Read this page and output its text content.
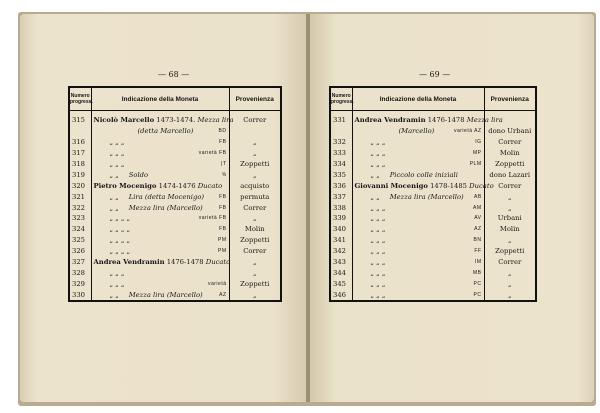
— 68 —	— 69 —
Numero progress.	Indicazione della Moneta	Provenienza
315	Nicolò Marcello 1473-1474. Mezza lira	Correr

	(detta Marcello) BD	

316	„ „ „ FB	„
317	„ „ „ varietà FB	„
318	„ „ „ |T	Zoppetti
319	„ „ Soldo ⅝	„
320	Pietro Mocenigo 1474-1476 Ducato	acquisto
321	„ „ Lira (detta Mocenigo) FB	permuta
322	„ „ Mezza lira (Marcello) FB	Correr
323	„ „ „ „ varietà FB	„
324	„ „ „ „ FB	Molin
325	„ „ „ „ PM	Zoppetti
326	„ „ „ „ PM	Correr
327	Andrea Vendramin 1476-1478 Ducato	„
328	„ „ „	„
329	„ „ „ varietà	Zoppetti
330	„ „ Mezza lira (Marcello) AZ	„
Numero progress.	Indicazione della Moneta	Provenienza
331	Andrea Vendramin 1476-1478 Mezza lira	

	(Marcello) varietà AZ	dono Urbani
332	„ „ „ IG	Correr
333	„ „ „ MP	Molin
334	„ „ „ PLM	Zoppetti
335	„ „ Piccolo colle iniziali	dono Lazari
336	Giovanni Mocenigo 1478-1485 Ducato	Correr
337	„ „ Mezza lira (Marcello) AB	„
338	„ „ „ AM	„
339	„ „ „ AV	Urbani
340	„ „ „ AZ	Molin
341	„ „ „ BN	„
342	„ „ „ FF	Zoppetti
343	„ „ „ IM	Correr
344	„ „ „ MB	„
345	„ „ „ PC	„
346	„ „ „ PC	„
